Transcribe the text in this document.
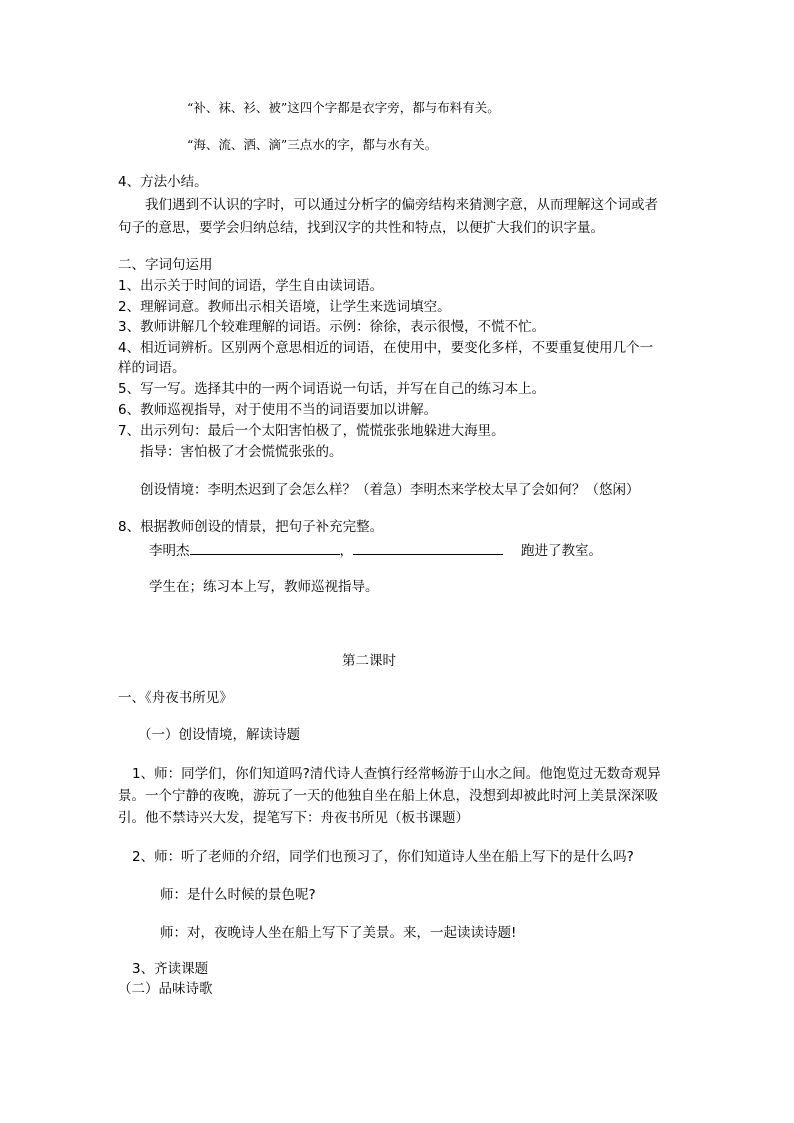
“补、袜、衫、被”这四个字都是衣字旁，都与布料有关。
“海、流、洒、滴”三点水的字，都与水有关。
4、方法小结。
我们遇到不认识的字时，可以通过分析字的偏旁结构来猜测字意，从而理解这个词或者
句子的意思，要学会归纳总结，找到汉字的共性和特点，以便扩大我们的识字量。
二、字词句运用
1、出示关于时间的词语，学生自由读词语。
2、理解词意。教师出示相关语境，让学生来选词填空。
3、教师讲解几个较难理解的词语。示例：徐徐，表示很慢，不慌不忙。
4、相近词辨析。区别两个意思相近的词语，在使用中，要变化多样，不要重复使用几个一
样的词语。
5、写一写。选择其中的一两个词语说一句话，并写在自己的练习本上。
6、教师巡视指导，对于使用不当的词语要加以讲解。
7、出示列句：最后一个太阳害怕极了，慌慌张张地躲进大海里。
指导：害怕极了才会慌慌张张的。
创设情境：李明杰迟到了会怎么样？（着急）李明杰来学校太早了会如何？（悠闲）
8、根据教师创设的情景，把句子补充完整。
李明杰	，	跑进了教室。
学生在；练习本上写，教师巡视指导。
第二课时
一、《舟夜书所见》
（一）创设情境，解读诗题
1、师：同学们，你们知道吗?清代诗人查慎行经常畅游于山水之间。他饱览过无数奇观异
景。一个宁静的夜晚，游玩了一天的他独自坐在船上休息，没想到却被此时河上美景深深吸
引。他不禁诗兴大发，提笔写下：舟夜书所见（板书课题）
2、师：听了老师的介绍，同学们也预习了，你们知道诗人坐在船上写下的是什么吗?
师：是什么时候的景色呢?
师：对，夜晚诗人坐在船上写下了美景。来，一起读读诗题!
3、齐读课题
（二）品味诗歌
